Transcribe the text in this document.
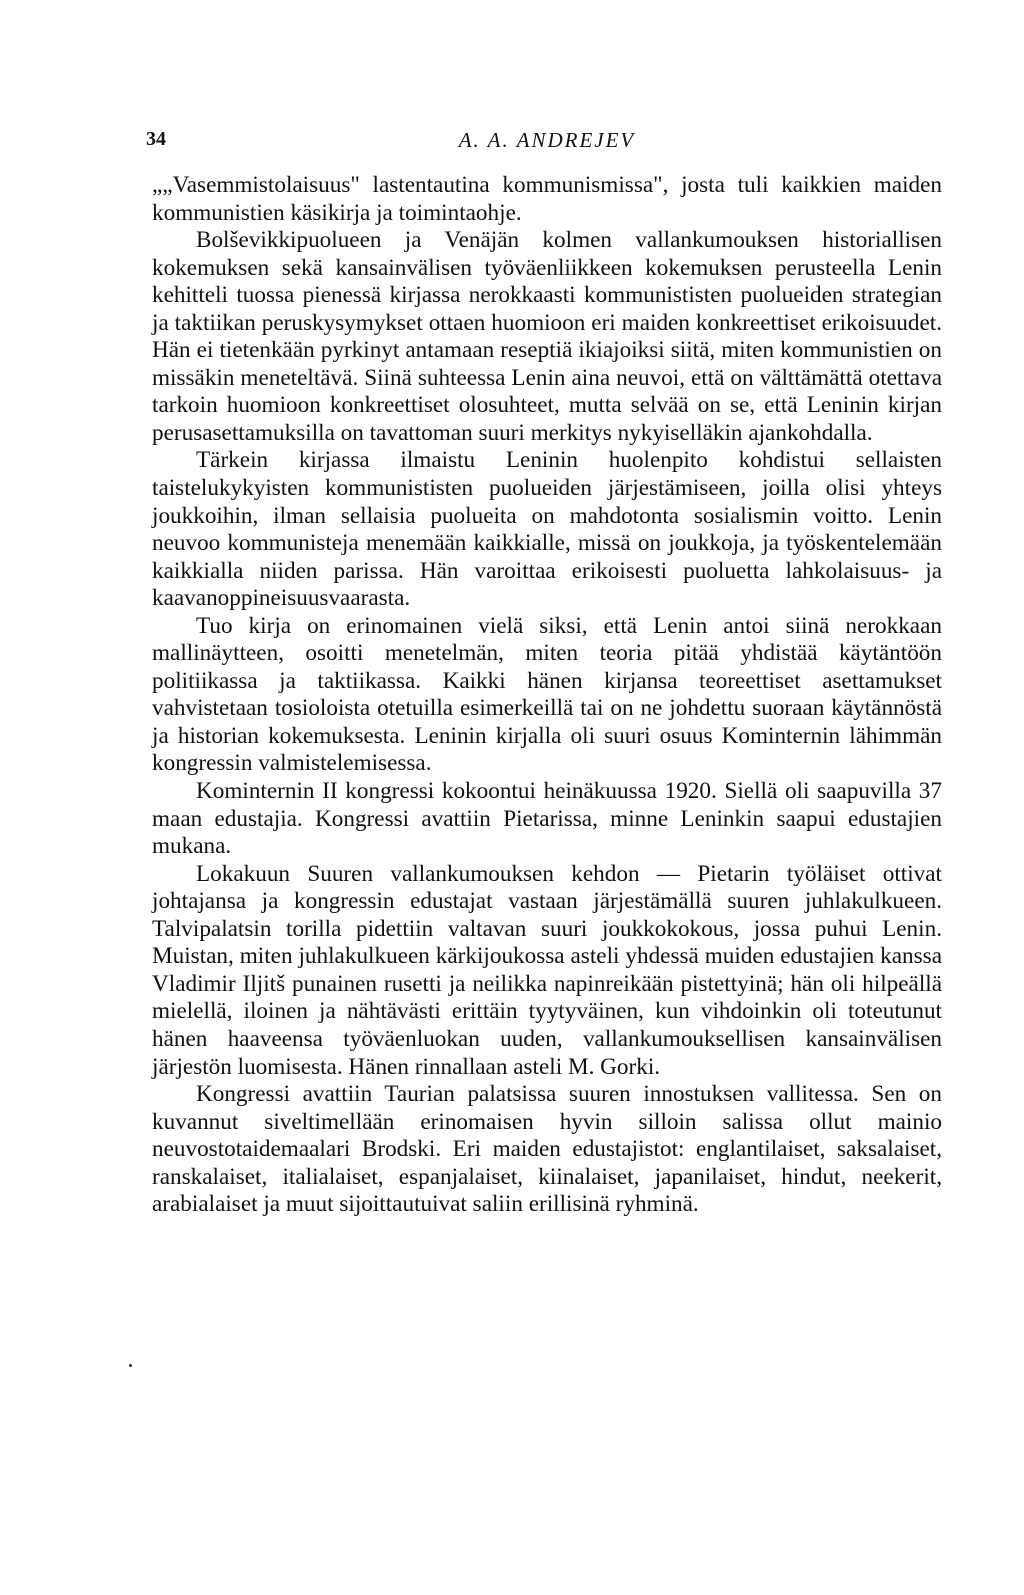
34	A. A. ANDREJEV

„„Vasemmistolaisuus" lastentautina kommunismissa", josta tuli kaikkien maiden kommunistien käsikirja ja toimintaohje.

Bolševikkipuolueen ja Venäjän kolmen vallankumouksen historiallisen kokemuksen sekä kansainvälisen työväenliikkeen kokemuksen perusteella Lenin kehitteli tuossa pienessä kirjassa nerokkaasti kommunististen puolueiden strategian ja taktiikan peruskysymykset ottaen huomioon eri maiden konkreettiset erikoisuudet. Hän ei tietenkään pyrkinyt antamaan reseptiä ikiajoiksi siitä, miten kommunistien on missäkin meneteltävä. Siinä suhteessa Lenin aina neuvoi, että on välttämättä otettava tarkoin huomioon konkreettiset olosuhteet, mutta selvää on se, että Leninin kirjan perusasettamuksilla on tavattoman suuri merkitys nykyiselläkin ajankohdalla.

Tärkein kirjassa ilmaistu Leninin huolenpito kohdistui sellaisten taistelukykyisten kommunististen puolueiden järjestämiseen, joilla olisi yhteys joukkoihin, ilman sellaisia puolueita on mahdotonta sosialismin voitto. Lenin neuvoo kommunisteja menemään kaikkialle, missä on joukkoja, ja työskentelemään kaikkialla niiden parissa. Hän varoittaa erikoisesti puoluetta lahkolaisuus- ja kaavanoppineisuusvaarasta.

Tuo kirja on erinomainen vielä siksi, että Lenin antoi siinä nerokkaan mallinäytteen, osoitti menetelmän, miten teoria pitää yhdistää käytäntöön politiikassa ja taktiikassa. Kaikki hänen kirjansa teoreettiset asettamukset vahvistetaan tosioloista otetuilla esimerkeillä tai on ne johdettu suoraan käytännöstä ja historian kokemuksesta. Leninin kirjalla oli suuri osuus Kominternin lähimmän kongressin valmistelemisessa.

Kominternin II kongressi kokoontui heinäkuussa 1920. Siellä oli saapuvilla 37 maan edustajia. Kongressi avattiin Pietarissa, minne Leninkin saapui edustajien mukana.

Lokakuun Suuren vallankumouksen kehdon — Pietarin työläiset ottivat johtajansa ja kongressin edustajat vastaan järjestämällä suuren juhlakulkueen. Talvipalatsin torilla pidettiin valtavan suuri joukkokokous, jossa puhui Lenin. Muistan, miten juhlakulkueen kärkijoukossa asteli yhdessä muiden edustajien kanssa Vladimir Iljitš punainen rusetti ja neilikka napinreikään pistettyinä; hän oli hilpeällä mielellä, iloinen ja nähtävästi erittäin tyytyväinen, kun vihdoinkin oli toteutunut hänen haaveensa työväenluokan uuden, vallankumouksellisen kansainvälisen järjestön luomisesta. Hänen rinnallaan asteli M. Gorki.

Kongressi avattiin Taurian palatsissa suuren innostuksen vallitessa. Sen on kuvannut siveltimellään erinomaisen hyvin silloin salissa ollut mainio neuvostotaidemaalari Brodski. Eri maiden edustajistot: englantilaiset, saksalaiset, ranskalaiset, italialaiset, espanjalaiset, kiinalaiset, japanilaiset, hindut, neekerit, arabialaiset ja muut sijoittautuivat saliin erillisinä ryhminä.
